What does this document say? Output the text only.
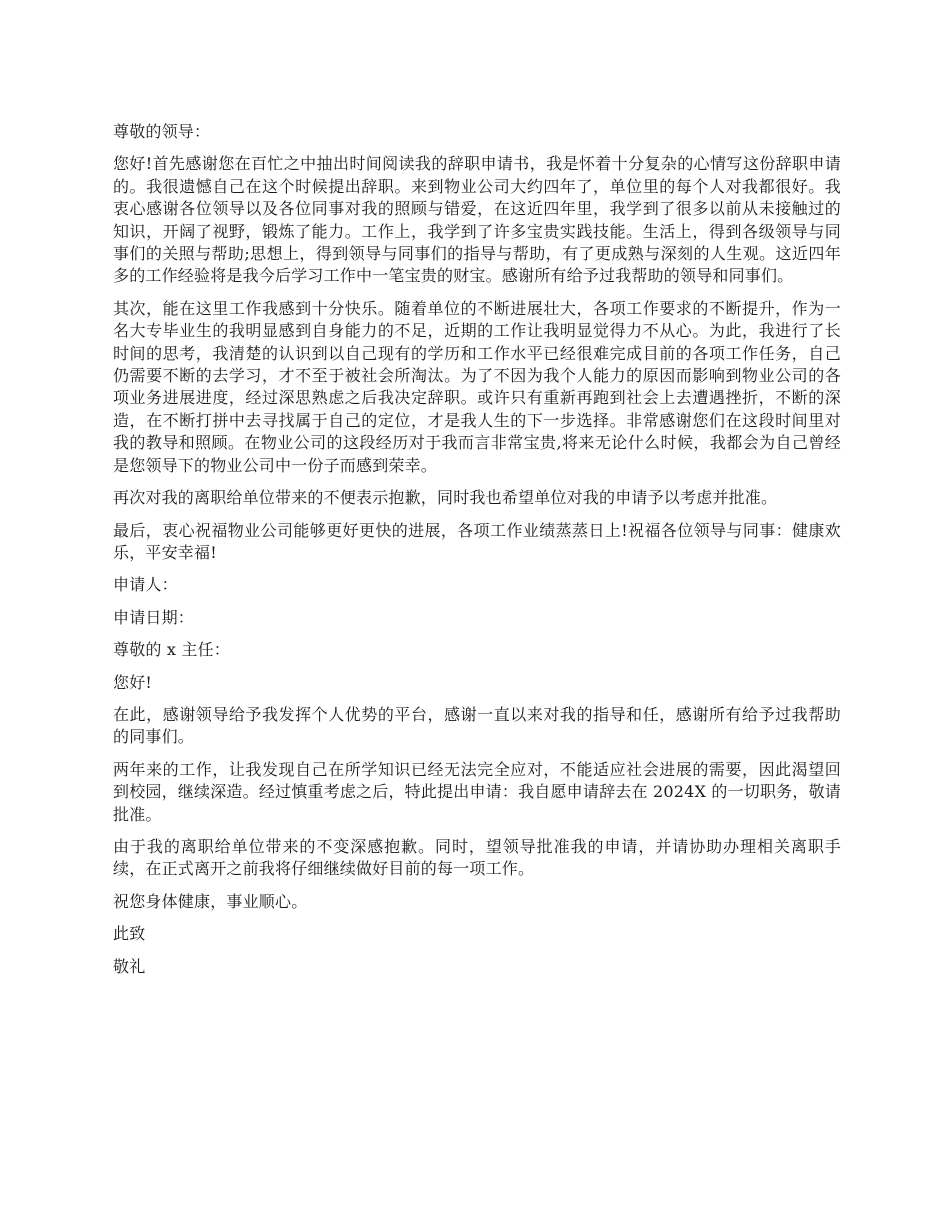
尊敬的领导：

您好!首先感谢您在百忙之中抽出时间阅读我的辞职申请书，我是怀着十分复杂的心情写这份辞职申请的。我很遗憾自己在这个时候提出辞职。来到物业公司大约四年了，单位里的每个人对我都很好。我衷心感谢各位领导以及各位同事对我的照顾与错爱，在这近四年里，我学到了很多以前从未接触过的知识，开阔了视野，锻炼了能力。工作上，我学到了许多宝贵实践技能。生活上，得到各级领导与同事们的关照与帮助;思想上，得到领导与同事们的指导与帮助，有了更成熟与深刻的人生观。这近四年多的工作经验将是我今后学习工作中一笔宝贵的财宝。感谢所有给予过我帮助的领导和同事们。

其次，能在这里工作我感到十分快乐。随着单位的不断进展壮大，各项工作要求的不断提升，作为一名大专毕业生的我明显感到自身能力的不足，近期的工作让我明显觉得力不从心。为此，我进行了长时间的思考，我清楚的认识到以自己现有的学历和工作水平已经很难完成目前的各项工作任务，自己仍需要不断的去学习，才不至于被社会所淘汰。为了不因为我个人能力的原因而影响到物业公司的各项业务进展进度，经过深思熟虑之后我决定辞职。或许只有重新再跑到社会上去遭遇挫折，不断的深造，在不断打拼中去寻找属于自己的定位，才是我人生的下一步选择。非常感谢您们在这段时间里对我的教导和照顾。在物业公司的这段经历对于我而言非常宝贵,将来无论什么时候，我都会为自己曾经是您领导下的物业公司中一份子而感到荣幸。

再次对我的离职给单位带来的不便表示抱歉，同时我也希望单位对我的申请予以考虑并批准。

最后，衷心祝福物业公司能够更好更快的进展，各项工作业绩蒸蒸日上!祝福各位领导与同事：健康欢乐，平安幸福!

申请人：

申请日期：

尊敬的 x 主任：

您好!

在此，感谢领导给予我发挥个人优势的平台，感谢一直以来对我的指导和任，感谢所有给予过我帮助的同事们。

两年来的工作，让我发现自己在所学知识已经无法完全应对，不能适应社会进展的需要，因此渴望回到校园，继续深造。经过慎重考虑之后，特此提出申请：我自愿申请辞去在 2024X 的一切职务，敬请批准。

由于我的离职给单位带来的不变深感抱歉。同时，望领导批准我的申请，并请协助办理相关离职手续，在正式离开之前我将仔细继续做好目前的每一项工作。

祝您身体健康，事业顺心。

此致

敬礼
